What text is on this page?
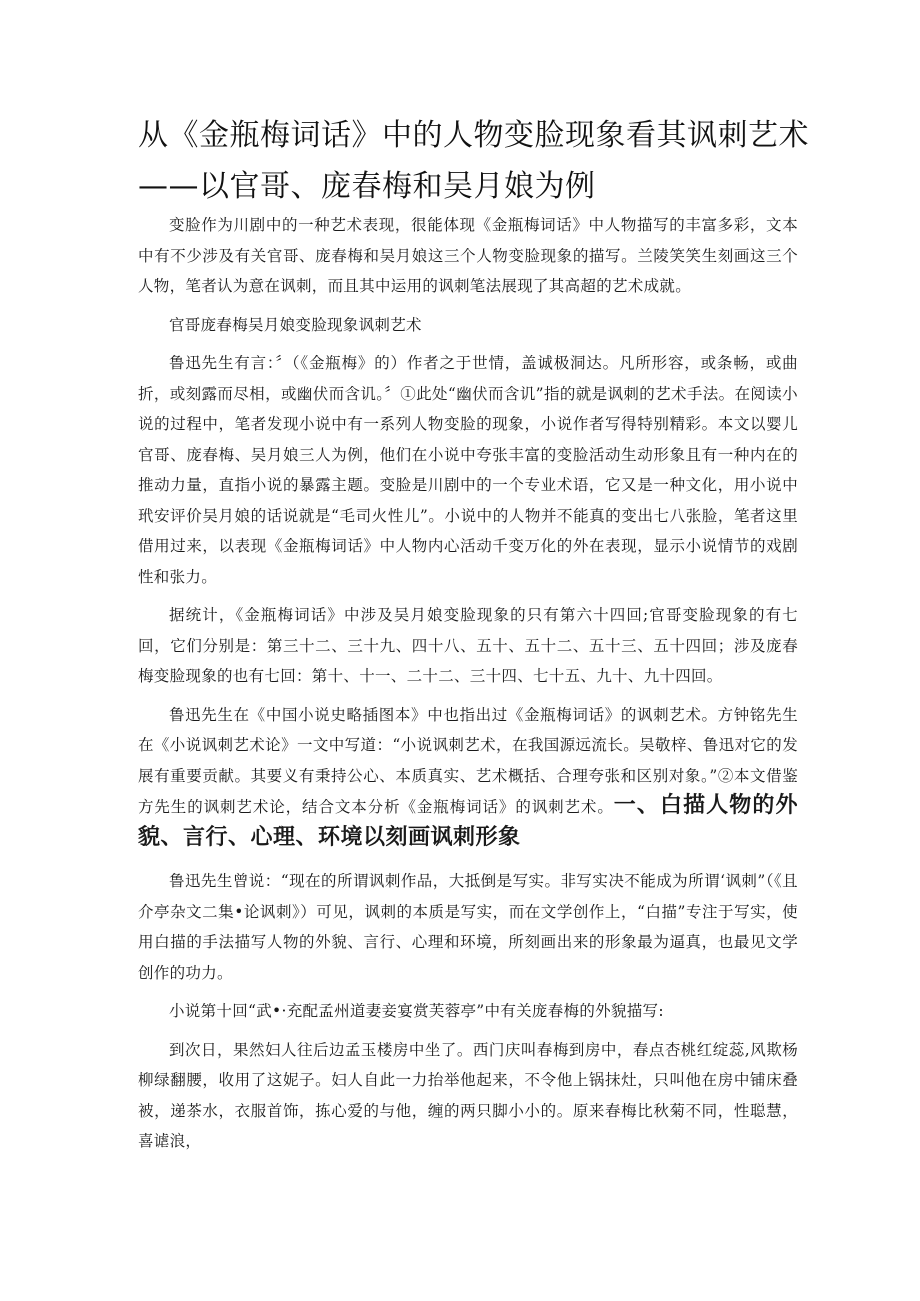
从《金瓶梅词话》中的人物变脸现象看其讽刺艺术
——以官哥、庞春梅和吴月娘为例

变脸作为川剧中的一种艺术表现，很能体现《金瓶梅词话》中人物描写的丰富多彩，文本中有不少涉及有关官哥、庞春梅和吴月娘这三个人物变脸现象的描写。兰陵笑笑生刻画这三个人物，笔者认为意在讽刺，而且其中运用的讽刺笔法展现了其高超的艺术成就。

官哥庞春梅吴月娘变脸现象讽刺艺术

鲁迅先生有言：〞（《金瓶梅》的）作者之于世情，盖诚极洞达。凡所形容，或条畅，或曲折，或刻露而尽相，或幽伏而含讥。〞①此处“幽伏而含讥”指的就是讽刺的艺术手法。在阅读小说的过程中，笔者发现小说中有一系列人物变脸的现象，小说作者写得特别精彩。本文以婴儿官哥、庞春梅、吴月娘三人为例，他们在小说中夸张丰富的变脸活动生动形象且有一种内在的推动力量，直指小说的暴露主题。变脸是川剧中的一个专业术语，它又是一种文化，用小说中玳安评价吴月娘的话说就是“毛司火性儿”。小说中的人物并不能真的变出七八张脸，笔者这里借用过来，以表现《金瓶梅词话》中人物内心活动千变万化的外在表现，显示小说情节的戏剧性和张力。

据统计，《金瓶梅词话》中涉及吴月娘变脸现象的只有第六十四回;官哥变脸现象的有七回，它们分别是：第三十二、三十九、四十八、五十、五十二、五十三、五十四回；涉及庞春梅变脸现象的也有七回：第十、十一、二十二、三十四、七十五、九十、九十四回。

鲁迅先生在《中国小说史略插图本》中也指出过《金瓶梅词话》的讽刺艺术。方钟铭先生在《小说讽刺艺术论》一文中写道：“小说讽刺艺术，在我国源远流长。吴敬梓、鲁迅对它的发展有重要贡献。其要义有秉持公心、本质真实、艺术概括、合理夸张和区别对象。”②本文借鉴方先生的讽刺艺术论，结合文本分析《金瓶梅词话》的讽刺艺术。一、白描人物的外貌、言行、心理、环境以刻画讽刺形象

鲁迅先生曾说：“现在的所谓讽刺作品，大抵倒是写实。非写实决不能成为所谓‘讽刺”（《且介亭杂文二集•论讽刺》）可见，讽刺的本质是写实，而在文学创作上，“白描”专注于写实，使用白描的手法描写人物的外貌、言行、心理和环境，所刻画出来的形象最为逼真，也最见文学创作的功力。

小说第十回“武•·充配孟州道妻妾宴赏芙蓉亭”中有关庞春梅的外貌描写:

到次日，果然妇人往后边孟玉楼房中坐了。西门庆叫春梅到房中，春点杏桃红绽蕊,风欺杨柳绿翻腰，收用了这妮子。妇人自此一力抬举他起来，不令他上锅抹灶，只叫他在房中铺床叠被，递茶水，衣服首饰，拣心爱的与他，缠的两只脚小小的。原来春梅比秋菊不同，性聪慧，喜谑浪，
